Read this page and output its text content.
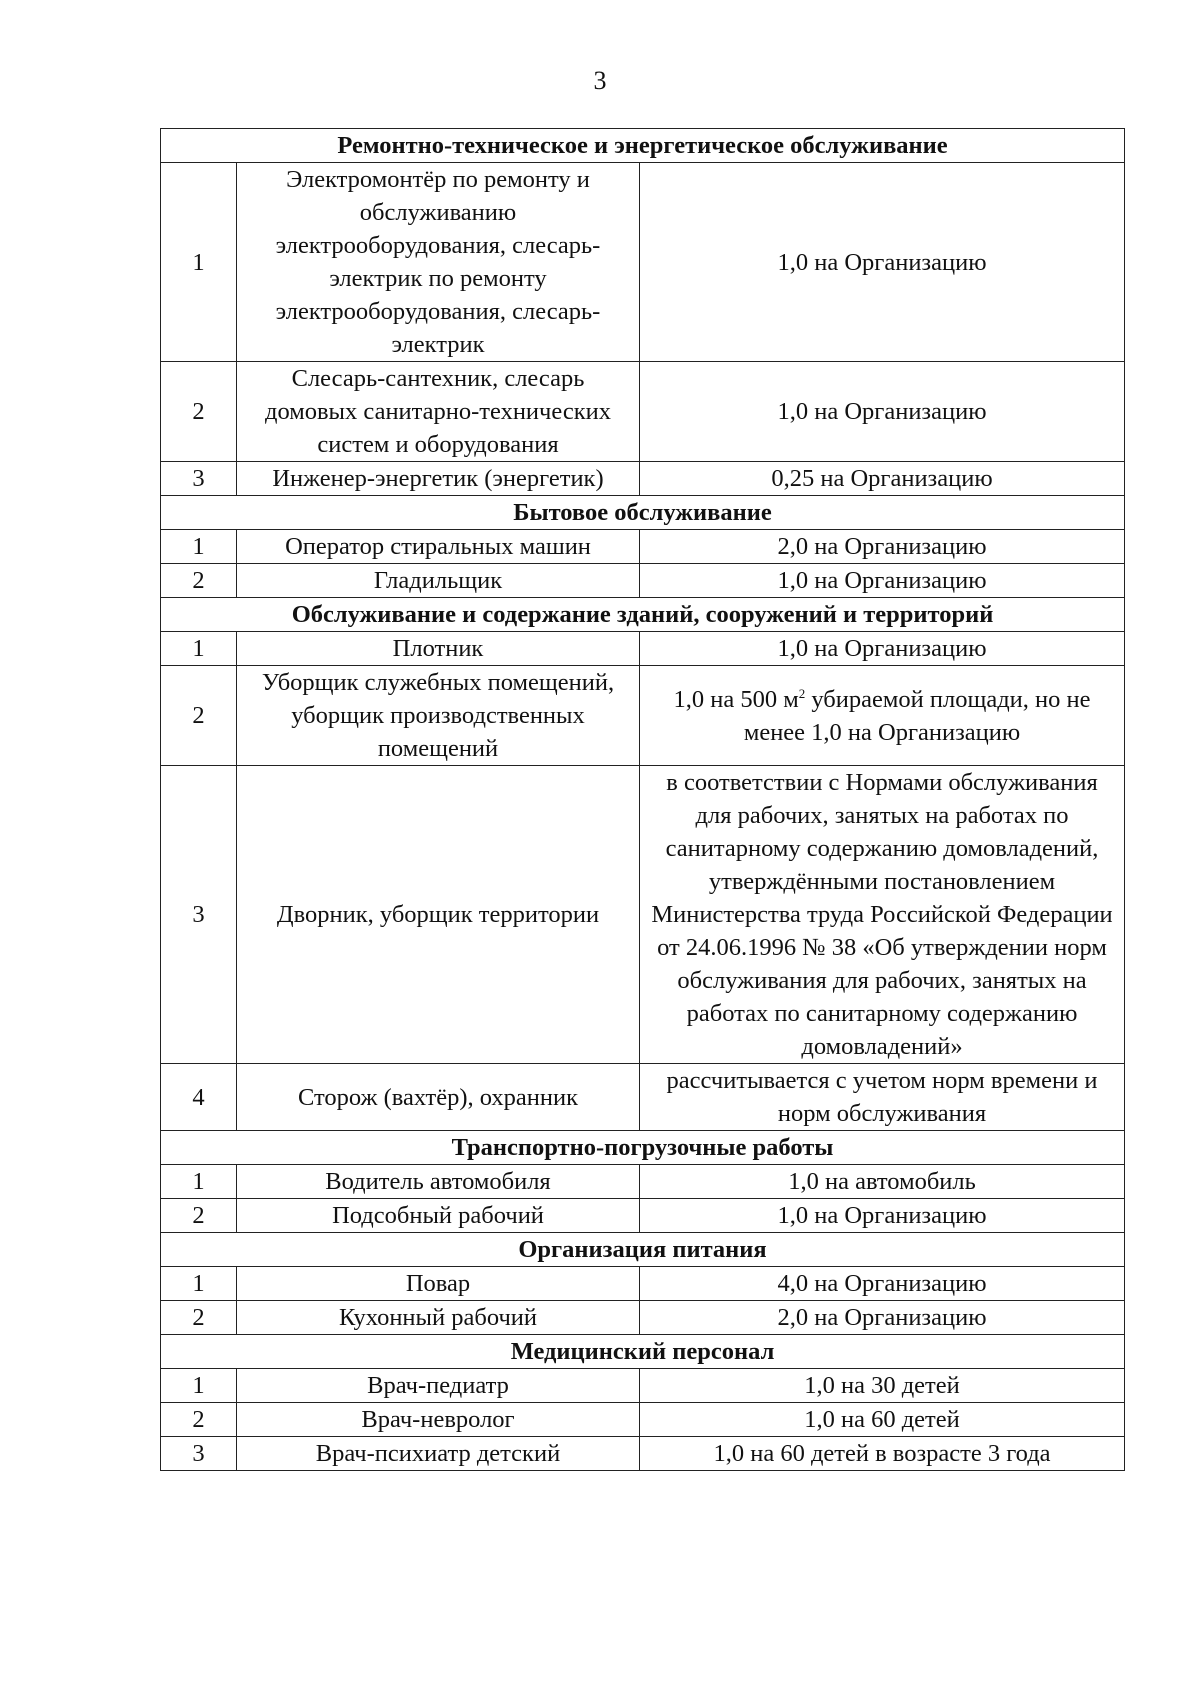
3
Ремонтно-техническое и энергетическое обслуживание		
1	Электромонтёр по ремонту и обслуживанию электрооборудования, слесарь-электрик по ремонту электрооборудования, слесарь-электрик	1,0 на Организацию
2	Слесарь-сантехник, слесарь домовых санитарно-технических систем и оборудования	1,0 на Организацию
3	Инженер-энергетик (энергетик)	0,25 на Организацию
Бытовое обслуживание		
1	Оператор стиральных машин	2,0 на Организацию
2	Гладильщик	1,0 на Организацию
Обслуживание и содержание зданий, сооружений и территорий		
1	Плотник	1,0 на Организацию
2	Уборщик служебных помещений, уборщик производственных помещений	1,0 на 500 $м^2$ убираемой площади, но не менее 1,0 на Организацию
3	Дворник, уборщик территории	в соответствии с Нормами обслуживания для рабочих, занятых на работах по санитарному содержанию домовладений, утверждёнными постановлением Министерства труда Российской Федерации от 24.06.1996 № 38 «Об утверждении норм обслуживания для рабочих, занятых на работах по санитарному содержанию домовладений»
4	Сторож (вахтёр), охранник	рассчитывается с учетом норм времени и норм обслуживания
Транспортно-погрузочные работы		
1	Водитель автомобиля	1,0 на автомобиль
2	Подсобный рабочий	1,0 на Организацию
Организация питания		
1	Повар	4,0 на Организацию
2	Кухонный рабочий	2,0 на Организацию
Медицинский персонал		
1	Врач-педиатр	1,0 на 30 детей
2	Врач-невролог	1,0 на 60 детей
3	Врач-психиатр детский	1,0 на 60 детей в возрасте 3 года
